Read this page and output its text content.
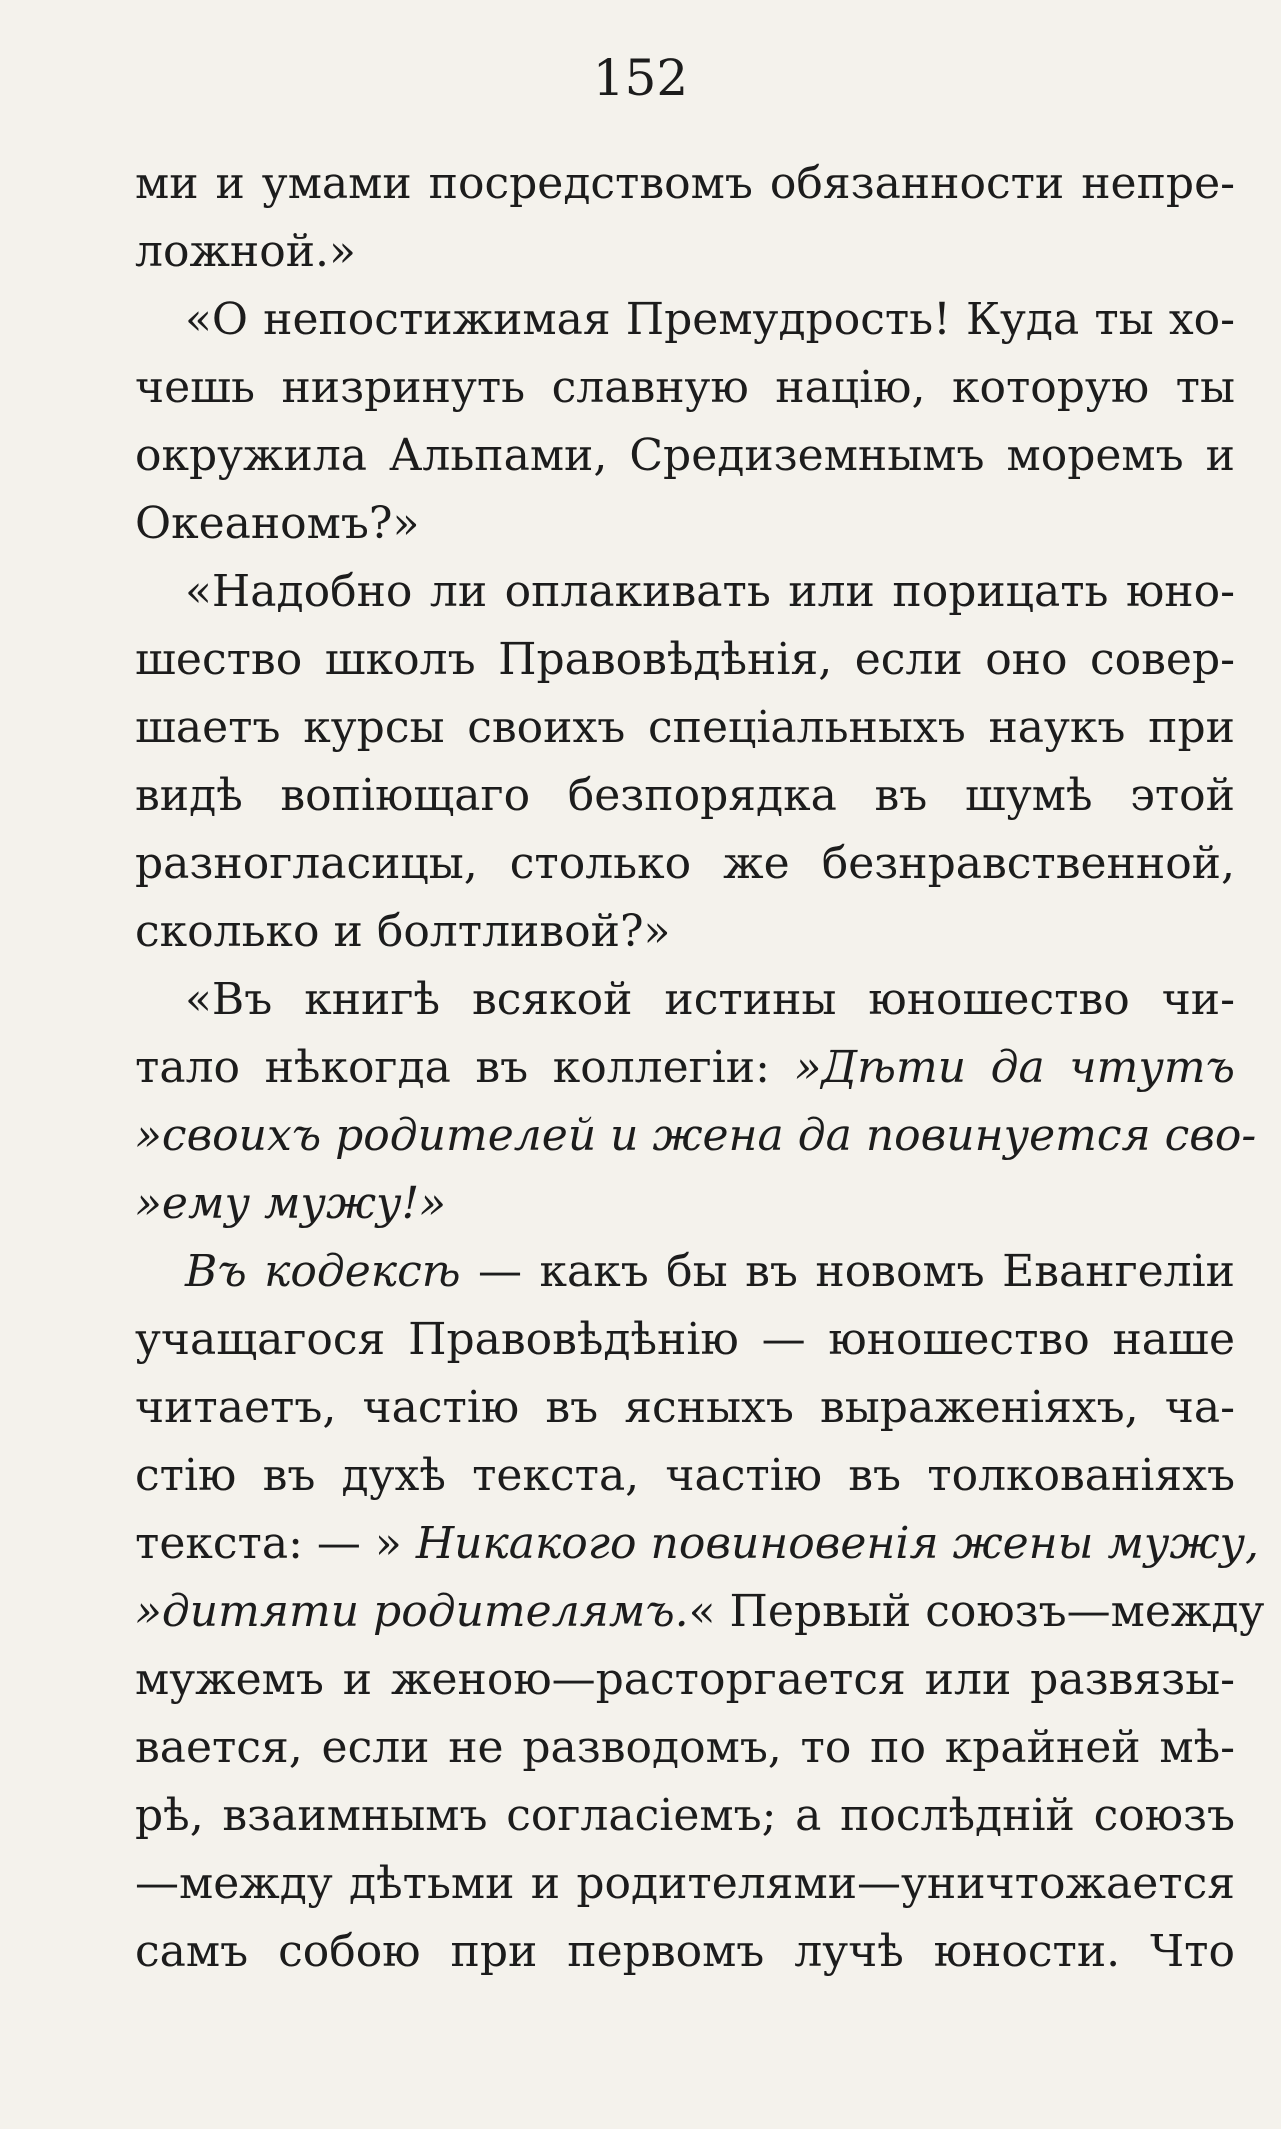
152
ми и умами посредствомъ обязанности непре-
ложной.»
«О непостижимая Премудрость! Куда ты хо-
чешь низринуть славную націю, которую ты
окружила Альпами, Средиземнымъ моремъ и
Океаномъ?»
«Надобно ли оплакивать или порицать юно-
шество школъ Правовѣдѣнія, если оно совер-
шаетъ курсы своихъ спеціальныхъ наукъ при
видѣ вопіющаго безпорядка въ шумѣ этой
разногласицы, столько же безнравственной,
сколько и болтливой?»
«Въ книгѣ всякой истины юношество чи-
тало нѣкогда въ коллегіи: »Дѣти да чтутъ
»своихъ родителей и жена да повинуется сво-
»ему мужу!»
Въ кодексѣ — какъ бы въ новомъ Евангеліи
учащагося Правовѣдѣнію — юношество наше
читаетъ, частію въ ясныхъ выраженіяхъ, ча-
стію въ духѣ текста, частію въ толкованіяхъ
текста: — » Никакого повиновенія жены мужу,
»дитяти родителямъ.« Первый союзъ—между
мужемъ и женою—расторгается или развязы-
вается, если не разводомъ, то по крайней мѣ-
рѣ, взаимнымъ согласіемъ; а послѣдній союзъ
—между дѣтьми и родителями—уничтожается
самъ собою при первомъ лучѣ юности. Что
